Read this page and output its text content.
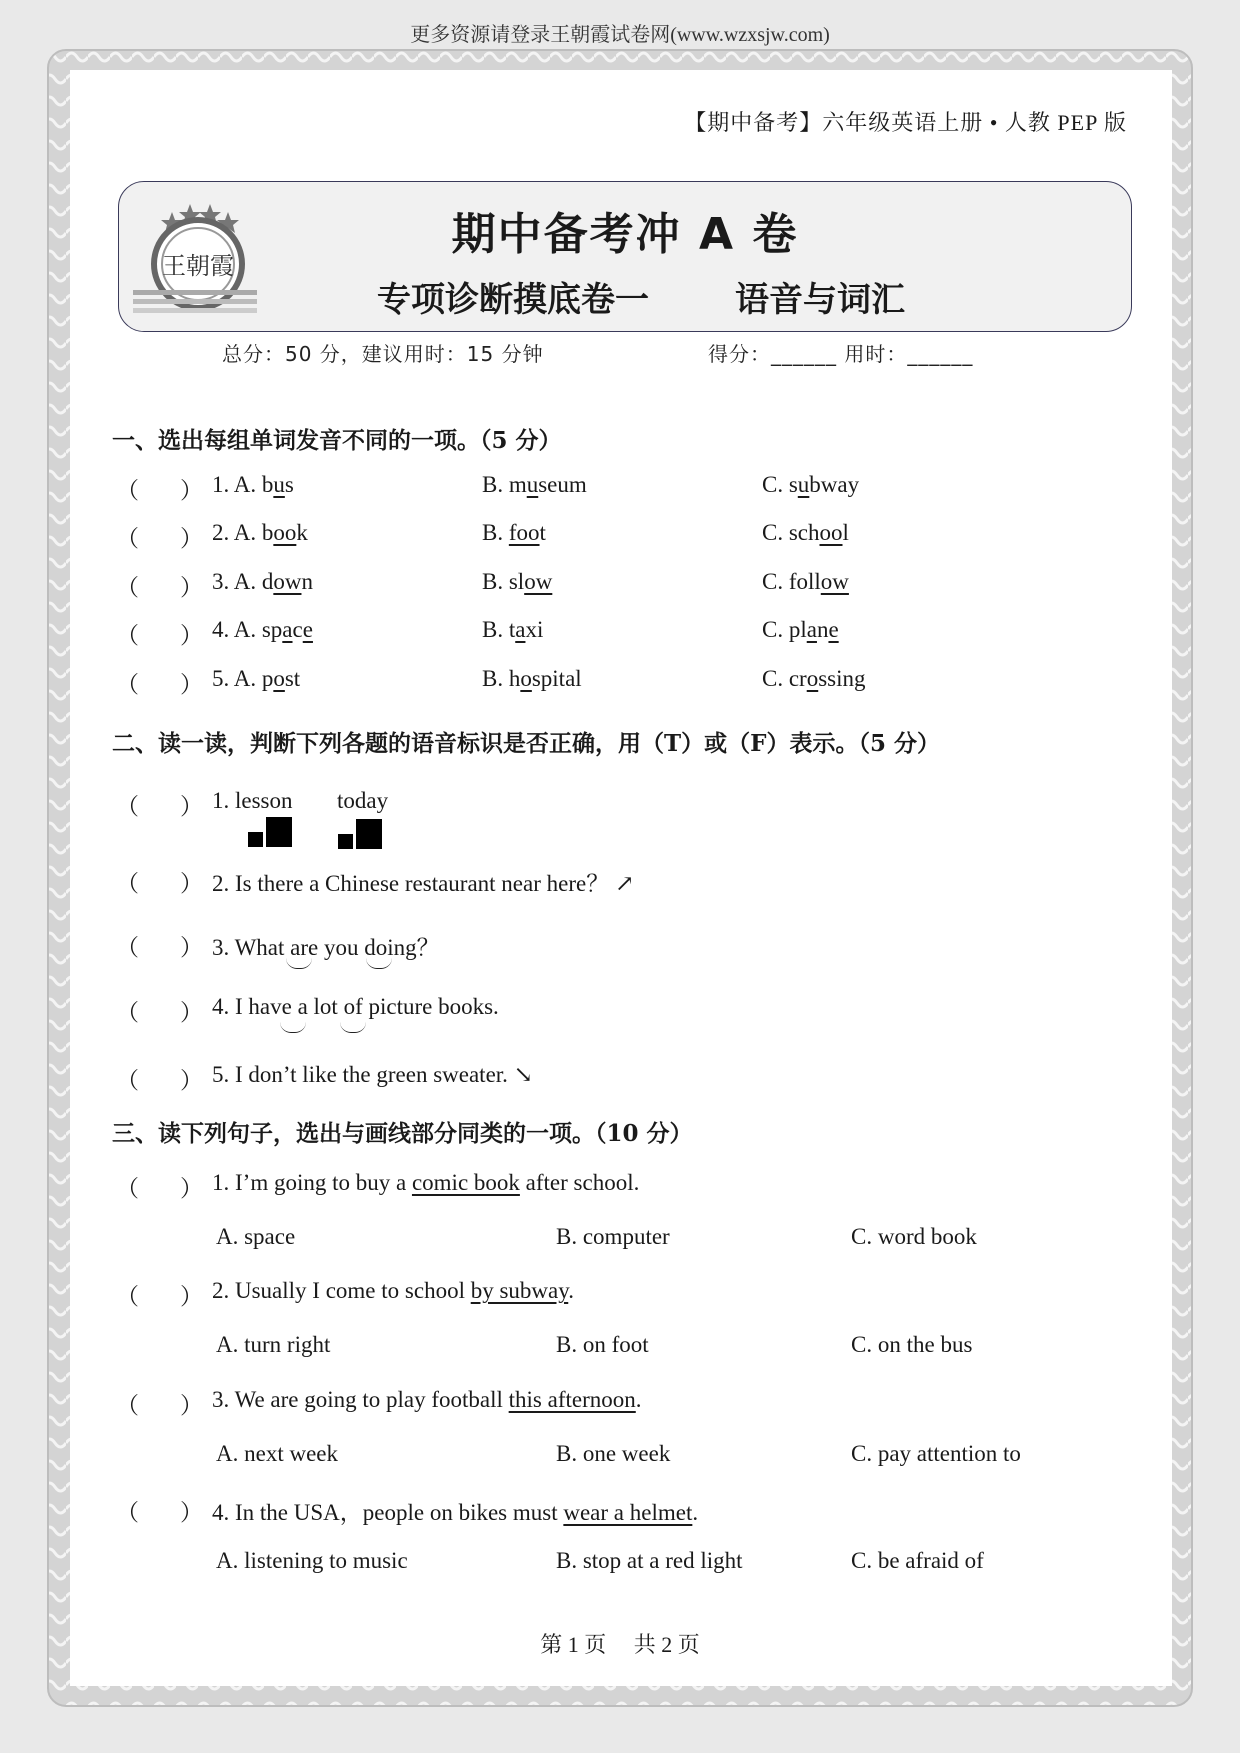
更多资源请登录王朝霞试卷网(www.wzxsjw.com)
【期中备考】六年级英语上册 • 人教 PEP 版
王朝霞
期中备考冲 A 卷
专项诊断摸底卷一	语音与词汇
总分：50 分，建议用时：15 分钟	得分：______ 用时：______
一、选出每组单词发音不同的一项。（5 分）
（ ） 1. A. bus	B. museum	C. subway
（ ） 2. A. book	B. foot	C. school
（ ） 3. A. down	B. slow	C. follow
（ ） 4. A. space	B. taxi	C. plane
（ ） 5. A. post	B. hospital	C. crossing
二、读一读，判断下列各题的语音标识是否正确，用（T）或（F）表示。（5 分）
（ ） 1. lesson today
（ ） 2. Is there a Chinese restaurant near here？ ↗
（ ） 3. What are you doing？
（ ） 4. I have a lot of picture books.
（ ） 5. I don’t like the green sweater. ↘
三、读下列句子，选出与画线部分同类的一项。（10 分）
（ ） 1. I’m going to buy a comic book after school.
A. space	B. computer	C. word book
（ ） 2. Usually I come to school by subway.
A. turn right	B. on foot	C. on the bus
（ ） 3. We are going to play football this afternoon.
A. next week	B. one week	C. pay attention to
（ ） 4. In the USA，people on bikes must wear a helmet.
A. listening to music	B. stop at a red light	C. be afraid of
第 1 页　 共 2 页
